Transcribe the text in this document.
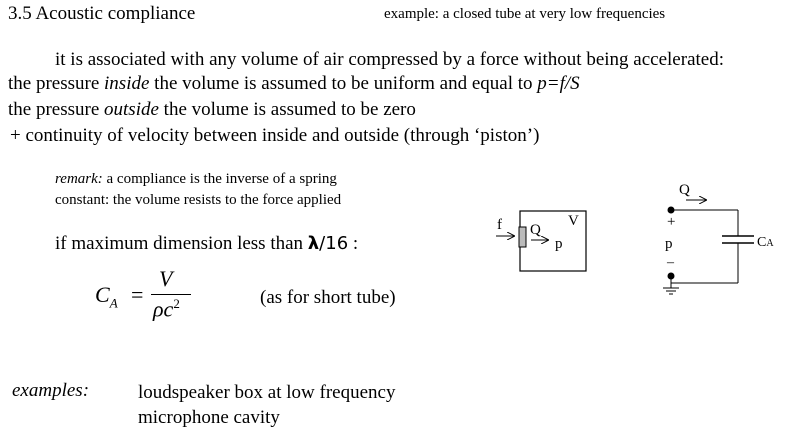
3.5 Acoustic compliance	example: a closed tube at very low frequencies
it is associated with any volume of air compressed by a force without being accelerated:
the pressure inside the volume is assumed to be uniform and equal to p=f/S
the pressure outside the volume is assumed to be zero
+ continuity of velocity between inside and outside (through ‘piston’)
remark: a compliance is the inverse of a spring
constant: the volume resists to the force applied
if maximum dimension less than λ/16 :
$C_A$ =
V
$\rho c^2$	(as for short tube)
examples:	loudspeaker box at low frequency
microphone cavity
f Q
V
p
Q
CA
+
p
–
